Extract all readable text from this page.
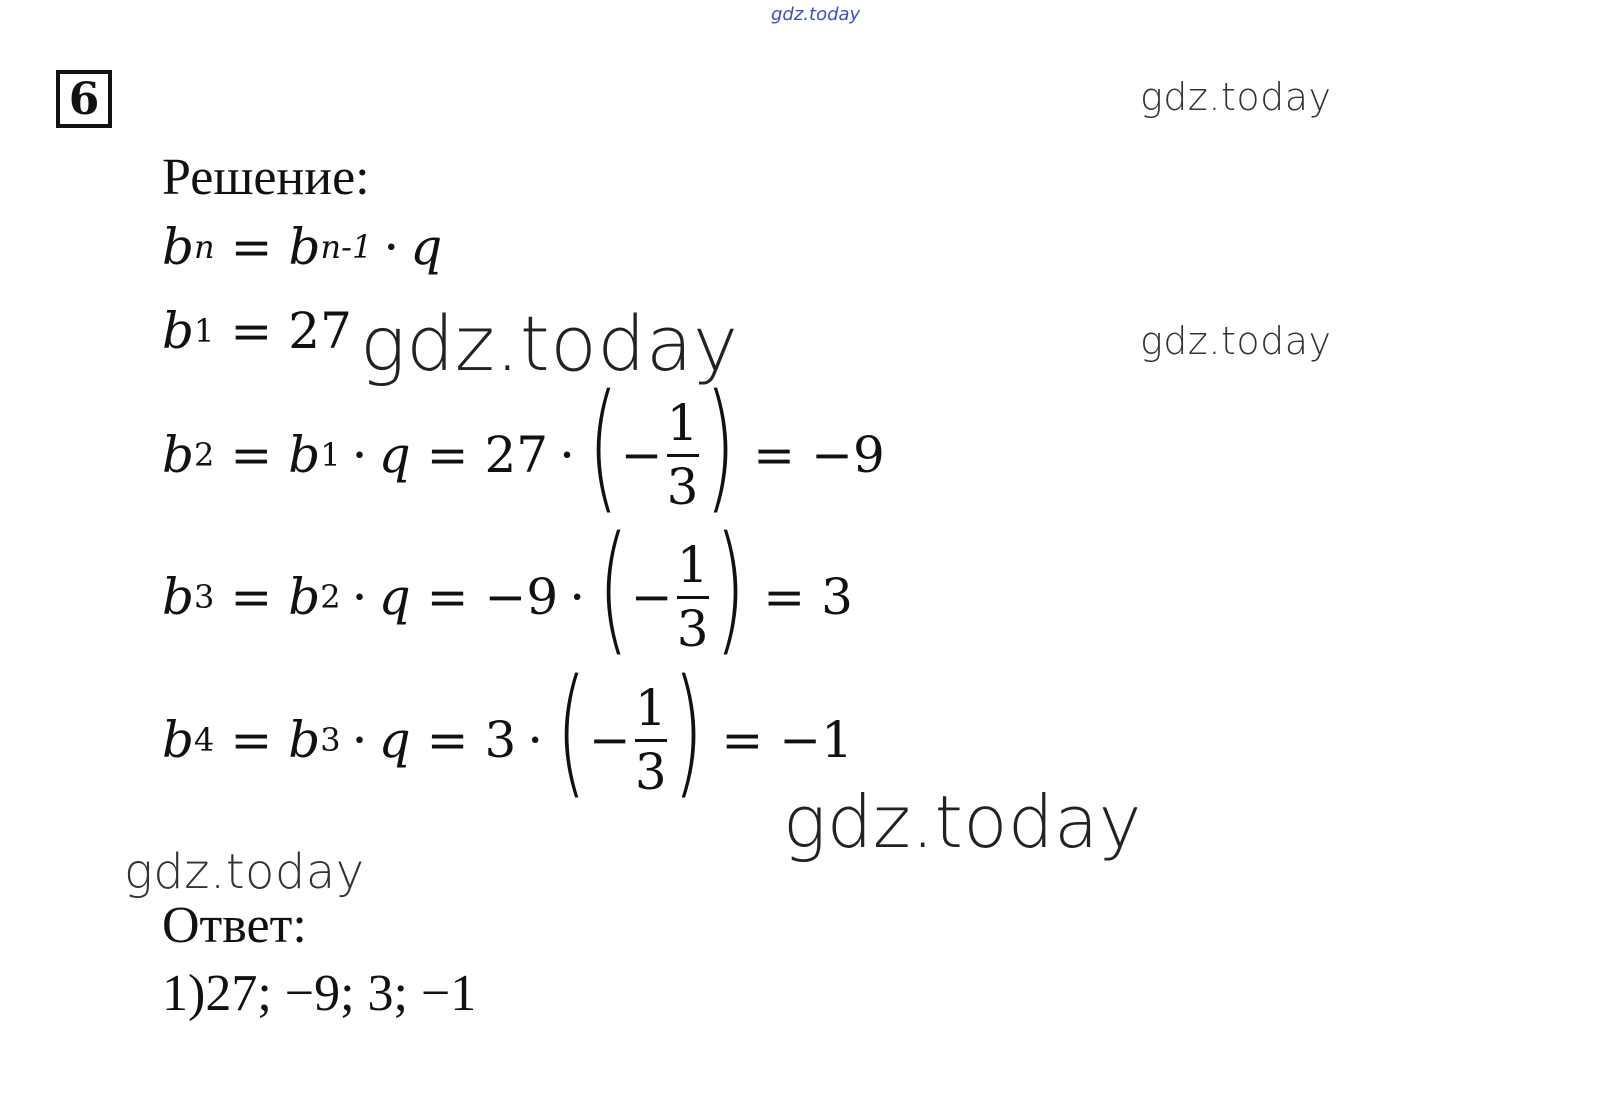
gdz.today
gdz.today
gdz.today
gdz.today
gdz.today
gdz.today
6
Решение:
b n = b n-1 · q
b 1 = 27
b 2 = b 1 · q = 27 · ( − $\frac{1}{3}$ ) = −9
b 3 = b 2 · q = −9 · ( − $\frac{1}{3}$ ) = 3
b 4 = b 3 · q = 3 · ( − $\frac{1}{3}$ ) = −1
Ответ:
1)27; −9; 3; −1
